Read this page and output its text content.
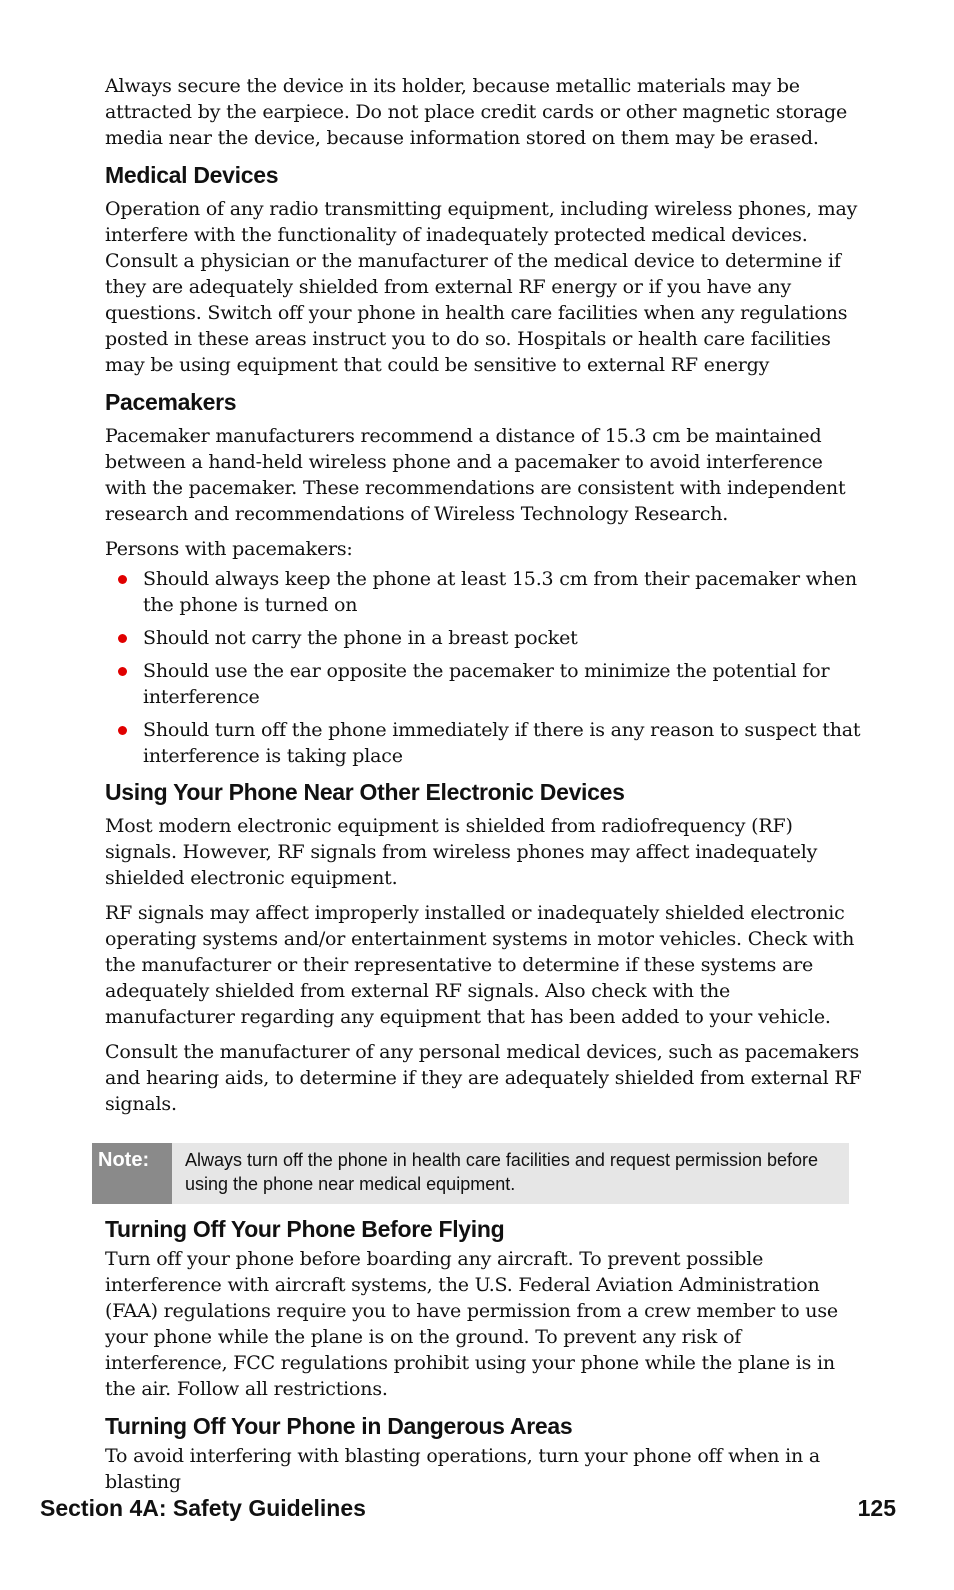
Always secure the device in its holder, because metallic materials may be attracted by the earpiece. Do not place credit cards or other magnetic storage media near the device, because information stored on them may be erased.

Medical Devices

Operation of any radio transmitting equipment, including wireless phones, may interfere with the functionality of inadequately protected medical devices. Consult a physician or the manufacturer of the medical device to determine if they are adequately shielded from external RF energy or if you have any questions. Switch off your phone in health care facilities when any regulations posted in these areas instruct you to do so. Hospitals or health care facilities may be using equipment that could be sensitive to external RF energy

Pacemakers

Pacemaker manufacturers recommend a distance of 15.3 cm be maintained between a hand-held wireless phone and a pacemaker to avoid interference with the pacemaker. These recommendations are consistent with independent research and recommendations of Wireless Technology Research.

Persons with pacemakers:

Should always keep the phone at least 15.3 cm from their pacemaker when the phone is turned on
Should not carry the phone in a breast pocket
Should use the ear opposite the pacemaker to minimize the potential for interference
Should turn off the phone immediately if there is any reason to suspect that interference is taking place
Using Your Phone Near Other Electronic Devices

Most modern electronic equipment is shielded from radiofrequency (RF) signals. However, RF signals from wireless phones may affect inadequately shielded electronic equipment.

RF signals may affect improperly installed or inadequately shielded electronic operating systems and/or entertainment systems in motor vehicles. Check with the manufacturer or their representative to determine if these systems are adequately shielded from external RF signals. Also check with the manufacturer regarding any equipment that has been added to your vehicle.

Consult the manufacturer of any personal medical devices, such as pacemakers and hearing aids, to determine if they are adequately shielded from external RF signals.

Note:	Always turn off the phone in health care facilities and request permission before using the phone near medical equipment.
Turning Off Your Phone Before Flying

Turn off your phone before boarding any aircraft. To prevent possible interference with aircraft systems, the U.S. Federal Aviation Administration (FAA) regulations require you to have permission from a crew member to use your phone while the plane is on the ground. To prevent any risk of interference, FCC regulations prohibit using your phone while the plane is in the air. Follow all restrictions.

Turning Off Your Phone in Dangerous Areas

To avoid interfering with blasting operations, turn your phone off when in a blasting

Section 4A: Safety Guidelines	125
